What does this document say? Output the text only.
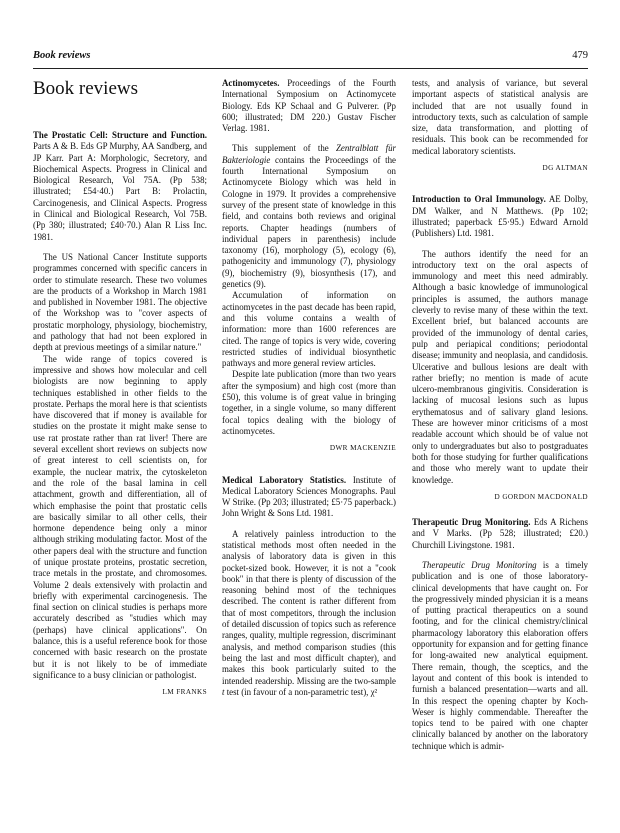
Book reviews	479
Book reviews
The Prostatic Cell: Structure and Function. Parts A & B. Eds GP Murphy, AA Sandberg, and JP Karr. Part A: Morphologic, Secretory, and Biochemical Aspects. Progress in Clinical and Biological Research, Vol 75A. (Pp 538; illustrated; £54·40.) Part B: Prolactin, Carcinogenesis, and Clinical Aspects. Progress in Clinical and Biological Research, Vol 75B. (Pp 380; illustrated; £40·70.) Alan R Liss Inc. 1981.

The US National Cancer Institute supports programmes concerned with specific cancers in order to stimulate research. These two volumes are the products of a Workshop in March 1981 and published in November 1981. The objective of the Workshop was to "cover aspects of prostatic morphology, physiology, biochemistry, and pathology that had not been explored in depth at previous meetings of a similar nature."

The wide range of topics covered is impressive and shows how molecular and cell biologists are now beginning to apply techniques established in other fields to the prostate. Perhaps the moral here is that scientists have discovered that if money is available for studies on the prostate it might make sense to use rat prostate rather than rat liver! There are several excellent short reviews on subjects now of great interest to cell scientists on, for example, the nuclear matrix, the cytoskeleton and the role of the basal lamina in cell attachment, growth and differentiation, all of which emphasise the point that prostatic cells are basically similar to all other cells, their hormone dependence being only a minor although striking modulating factor. Most of the other papers deal with the structure and function of unique prostate proteins, prostatic secretion, trace metals in the prostate, and chromosomes. Volume 2 deals extensively with prolactin and briefly with experimental carcinogenesis. The final section on clinical studies is perhaps more accurately described as "studies which may (perhaps) have clinical applications". On balance, this is a useful reference book for those concerned with basic research on the prostate but it is not likely to be of immediate significance to a busy clinician or pathologist.

LM FRANKS
Actinomycetes. Proceedings of the Fourth International Symposium on Actinomycete Biology. Eds KP Schaal and G Pulverer. (Pp 600; illustrated; DM 220.) Gustav Fischer Verlag. 1981.

This supplement of the Zentralblatt für Bakteriologie contains the Proceedings of the fourth International Symposium on Actinomycete Biology which was held in Cologne in 1979. It provides a comprehensive survey of the present state of knowledge in this field, and contains both reviews and original reports. Chapter headings (numbers of individual papers in parenthesis) include taxonomy (16), morphology (5), ecology (6), pathogenicity and immunology (7), physiology (9), biochemistry (9), biosynthesis (17), and genetics (9).

Accumulation of information on actinomycetes in the past decade has been rapid, and this volume contains a wealth of information: more than 1600 references are cited. The range of topics is very wide, covering restricted studies of individual biosynthetic pathways and more general review articles.

Despite late publication (more than two years after the symposium) and high cost (more than £50), this volume is of great value in bringing together, in a single volume, so many different focal topics dealing with the biology of actinomycetes.

DWR MACKENZIE
Medical Laboratory Statistics. Institute of Medical Laboratory Sciences Monographs. Paul W Strike. (Pp 203; illustrated; £5·75 paperback.) John Wright & Sons Ltd. 1981.

A relatively painless introduction to the statistical methods most often needed in the analysis of laboratory data is given in this pocket-sized book. However, it is not a "cook book" in that there is plenty of discussion of the reasoning behind most of the techniques described. The content is rather different from that of most competitors, through the inclusion of detailed discussion of topics such as reference ranges, quality, multiple regression, discriminant analysis, and method comparison studies (this being the last and most difficult chapter), and makes this book particularly suited to the intended readership. Missing are the two-sample t test (in favour of a non-parametric test), χ²

tests, and analysis of variance, but several important aspects of statistical analysis are included that are not usually found in introductory texts, such as calculation of sample size, data transformation, and plotting of residuals. This book can be recommended for medical laboratory scientists.

DG ALTMAN
Introduction to Oral Immunology. AE Dolby, DM Walker, and N Matthews. (Pp 102; illustrated; paperback £5·95.) Edward Arnold (Publishers) Ltd. 1981.

The authors identify the need for an introductory text on the oral aspects of immunology and meet this need admirably. Although a basic knowledge of immunological principles is assumed, the authors manage cleverly to revise many of these within the text. Excellent brief, but balanced accounts are provided of the immunology of dental caries, pulp and periapical conditions; periodontal disease; immunity and neoplasia, and candidosis. Ulcerative and bullous lesions are dealt with rather briefly; no mention is made of acute ulcero-membranous gingivitis. Consideration is lacking of mucosal lesions such as lupus erythematosus and of salivary gland lesions. These are however minor criticisms of a most readable account which should be of value not only to undergraduates but also to postgraduates both for those studying for further qualifications and those who merely want to update their knowledge.

D GORDON MACDONALD
Therapeutic Drug Monitoring. Eds A Richens and V Marks. (Pp 528; illustrated; £20.) Churchill Livingstone. 1981.

Therapeutic Drug Monitoring is a timely publication and is one of those laboratory-clinical developments that have caught on. For the progressively minded physician it is a means of putting practical therapeutics on a sound footing, and for the clinical chemistry/clinical pharmacology laboratory this elaboration offers opportunity for expansion and for getting finance for long-awaited new analytical equipment. There remain, though, the sceptics, and the layout and content of this book is intended to furnish a balanced presentation—warts and all. In this respect the opening chapter by Koch-Weser is highly commendable. Thereafter the topics tend to be paired with one chapter clinically balanced by another on the laboratory technique which is admir-
